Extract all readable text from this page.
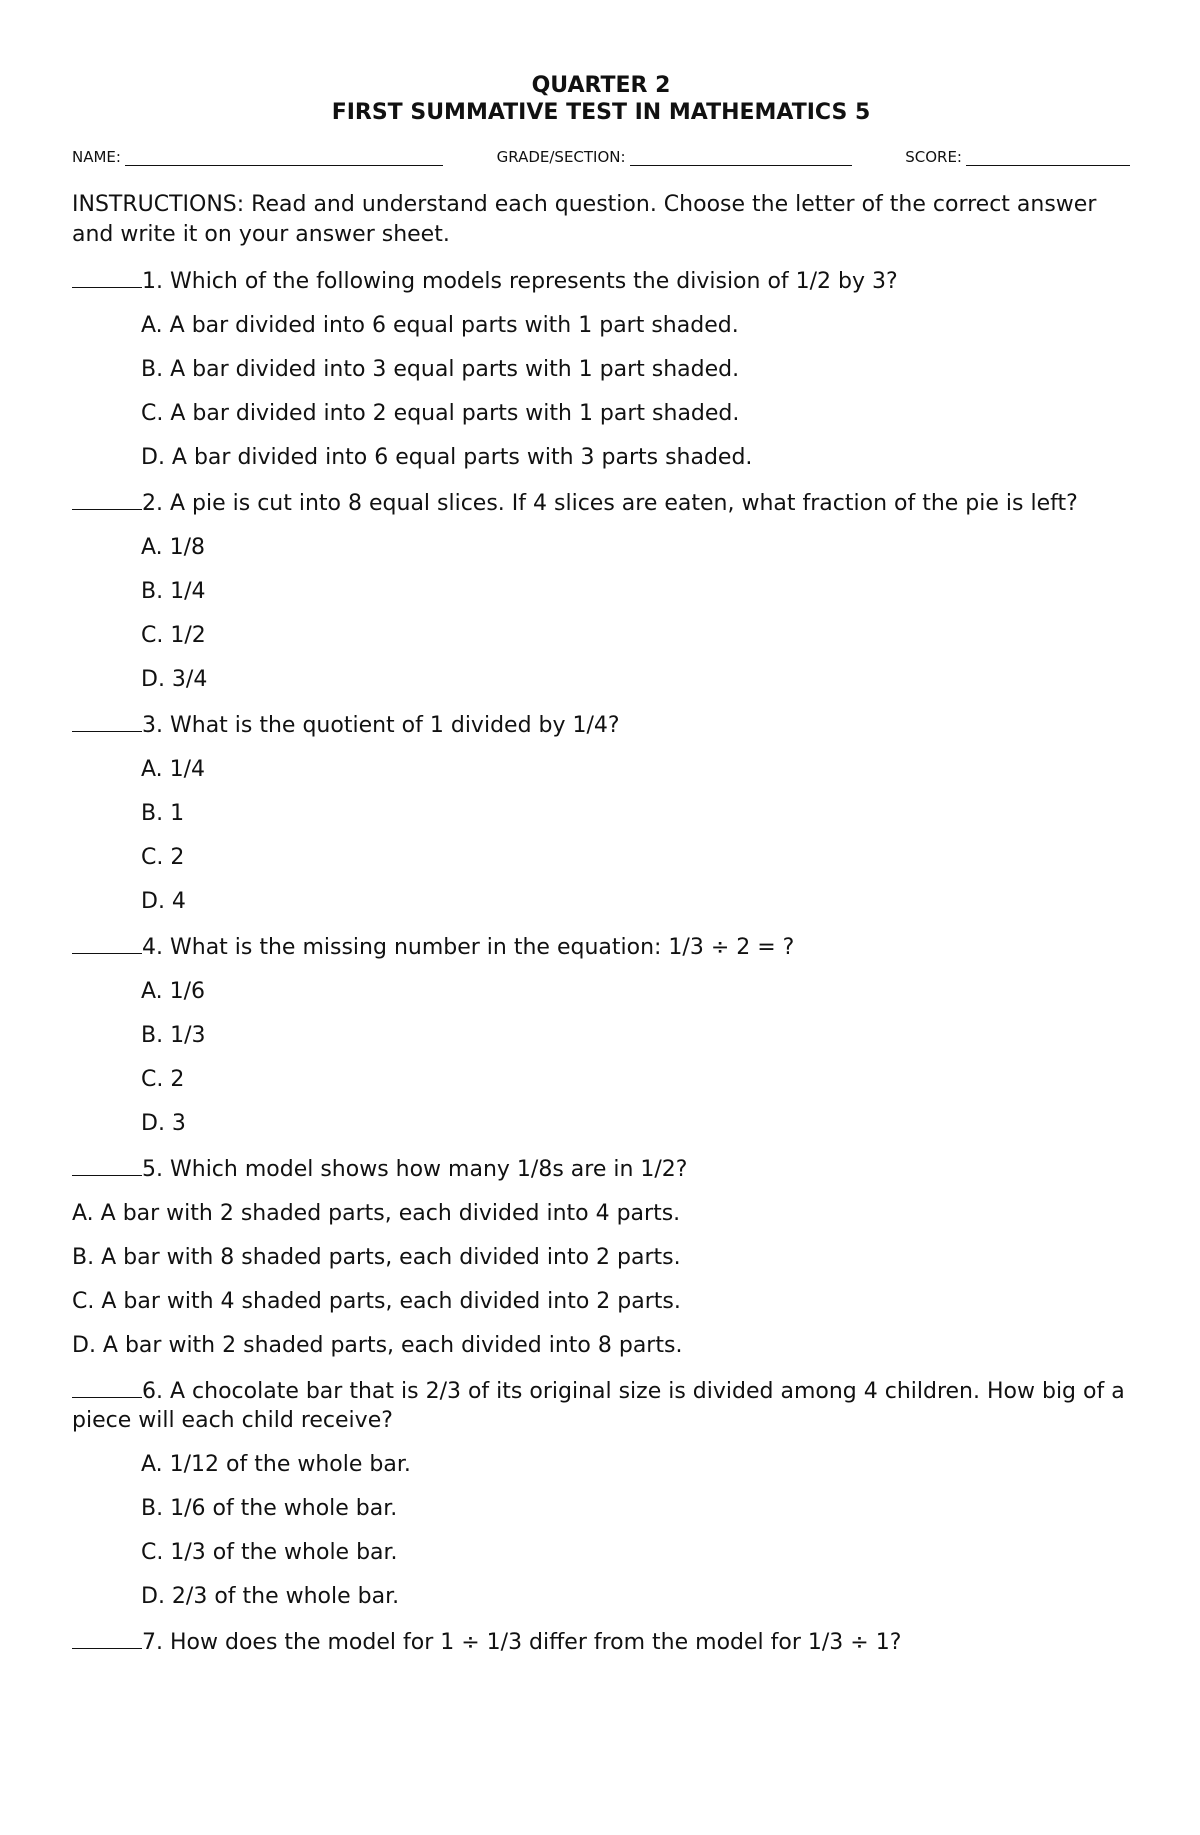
QUARTER 2
FIRST SUMMATIVE TEST IN MATHEMATICS 5
NAME:	GRADE/SECTION:	SCORE:
INSTRUCTIONS: Read and understand each question. Choose the letter of the correct answer and write it on your answer sheet.
1. Which of the following models represents the division of 1/2 by 3?
A. A bar divided into 6 equal parts with 1 part shaded.
B. A bar divided into 3 equal parts with 1 part shaded.
C. A bar divided into 2 equal parts with 1 part shaded.
D. A bar divided into 6 equal parts with 3 parts shaded.
2. A pie is cut into 8 equal slices. If 4 slices are eaten, what fraction of the pie is left?
A. 1/8
B. 1/4
C. 1/2
D. 3/4
3. What is the quotient of 1 divided by 1/4?
A. 1/4
B. 1
C. 2
D. 4
4. What is the missing number in the equation: 1/3 ÷ 2 = ?
A. 1/6
B. 1/3
C. 2
D. 3
5. Which model shows how many 1/8s are in 1/2?
A. A bar with 2 shaded parts, each divided into 4 parts.
B. A bar with 8 shaded parts, each divided into 2 parts.
C. A bar with 4 shaded parts, each divided into 2 parts.
D. A bar with 2 shaded parts, each divided into 8 parts.
6. A chocolate bar that is 2/3 of its original size is divided among 4 children. How big of a piece will each child receive?
A. 1/12 of the whole bar.
B. 1/6 of the whole bar.
C. 1/3 of the whole bar.
D. 2/3 of the whole bar.
7. How does the model for 1 ÷ 1/3 differ from the model for 1/3 ÷ 1?
